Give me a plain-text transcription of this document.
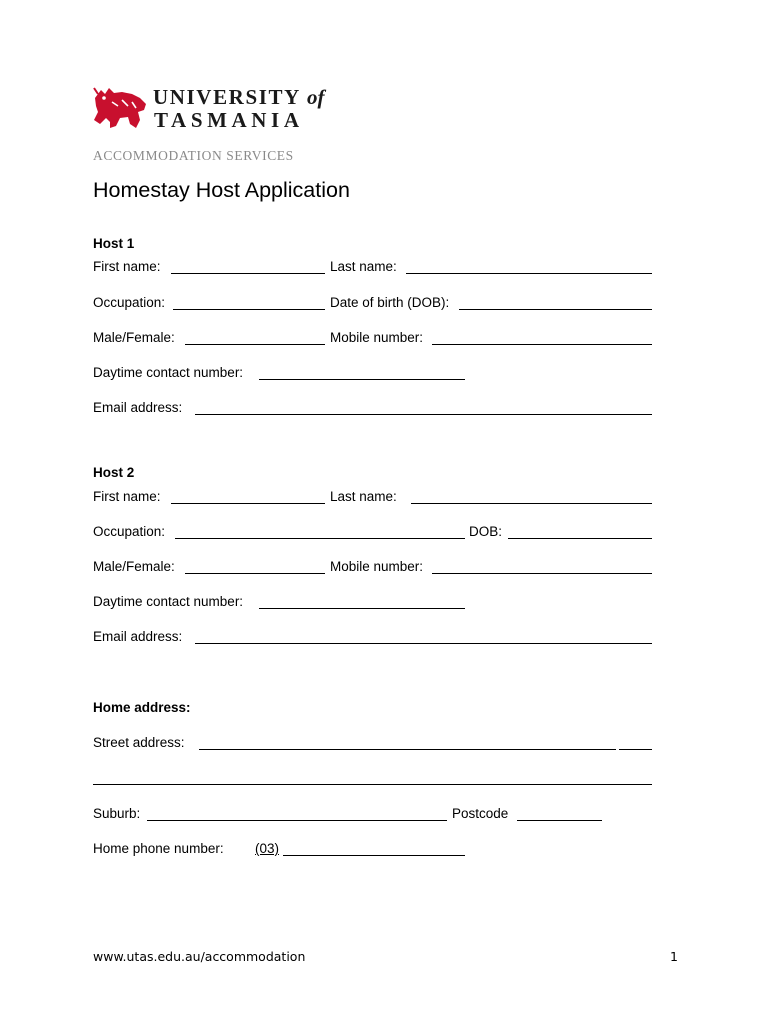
UNIVERSITY of
TASMANIA
ACCOMMODATION SERVICES
Homestay Host Application
Host 1
First name:	Last name:
Occupation:	Date of birth (DOB):
Male/Female:	Mobile number:
Daytime contact number:
Email address:
Host 2
First name:	Last name:
Occupation:	DOB:
Male/Female:	Mobile number:
Daytime contact number:
Email address:
Home address:
Street address:
Suburb:	Postcode
Home phone number: (03)
www.utas.edu.au/accommodation	1
